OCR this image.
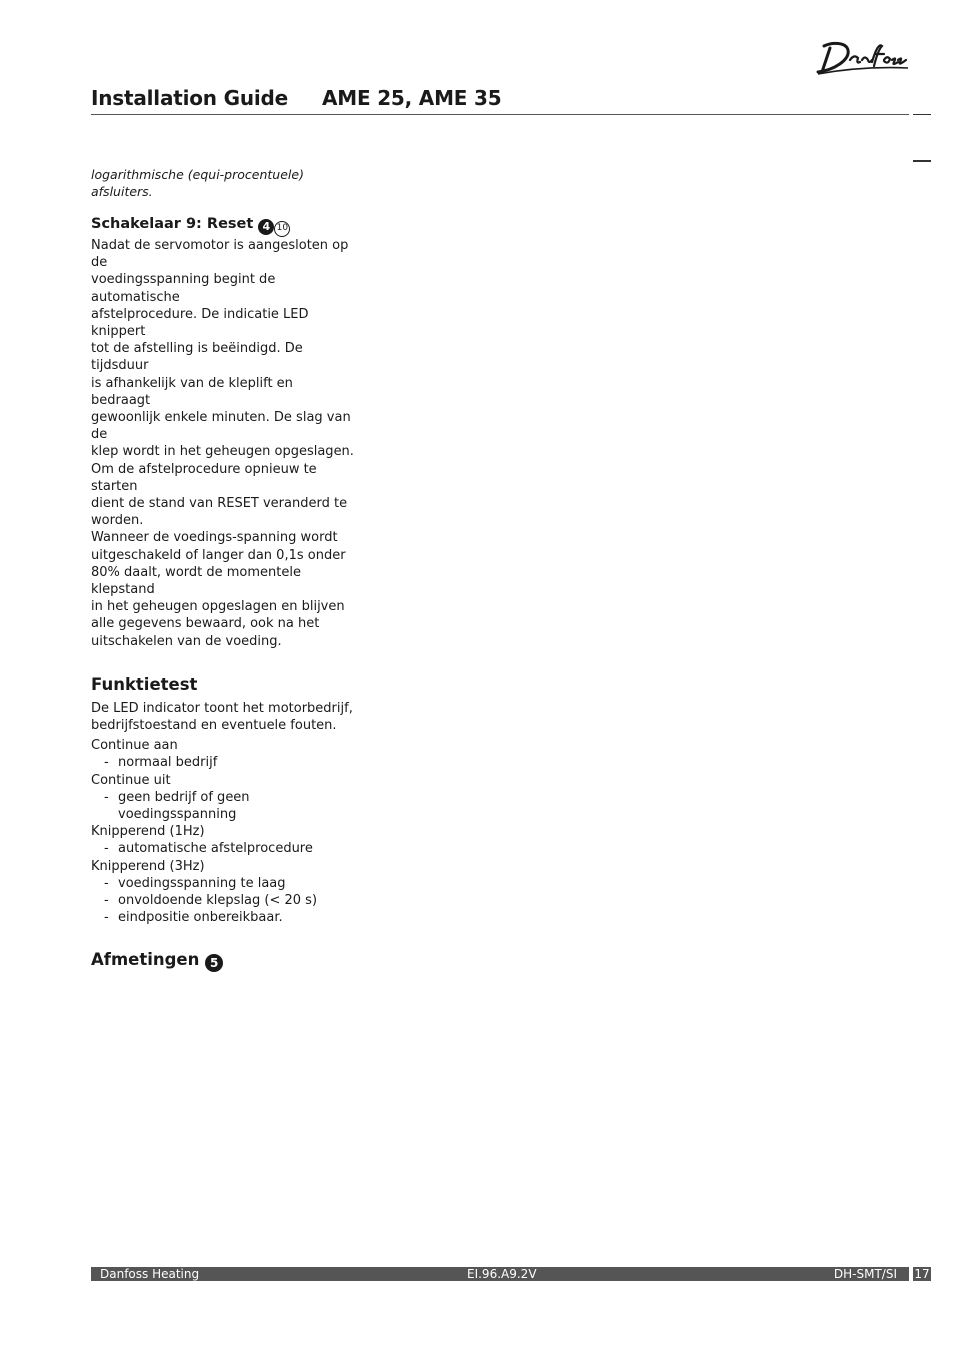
Installation Guide AME 25, AME 35
logarithmische (equi-procentuele) afsluiters.
Schakelaar 9: Reset 4 10
Nadat de servomotor is aangesloten op de
voedingsspanning begint de automatische
afstelprocedure. De indicatie LED knippert
tot de afstelling is beëindigd. De tijdsduur
is afhankelijk van de kleplift en bedraagt
gewoonlijk enkele minuten. De slag van de
klep wordt in het geheugen opgeslagen.
Om de afstelprocedure opnieuw te starten
dient de stand van RESET veranderd te
worden.
Wanneer de voedings-spanning wordt
uitgeschakeld of langer dan 0,1s onder
80% daalt, wordt de momentele klepstand
in het geheugen opgeslagen en blijven
alle gegevens bewaard, ook na het
uitschakelen van de voeding.
Funktietest
De LED indicator toont het motorbedrijf,
bedrijfstoestand en eventuele fouten.
Continue aan
- normaal bedrijf
Continue uit
- geen bedrijf of geen
voedingsspanning
Knipperend (1Hz)
- automatische afstelprocedure
Knipperend (3Hz)
- voedingsspanning te laag
- onvoldoende klepslag (< 20 s)
- eindpositie onbereikbaar.
Afmetingen 5
Danfoss Heating	EI.96.A9.2V	DH-SMT/SI 17
